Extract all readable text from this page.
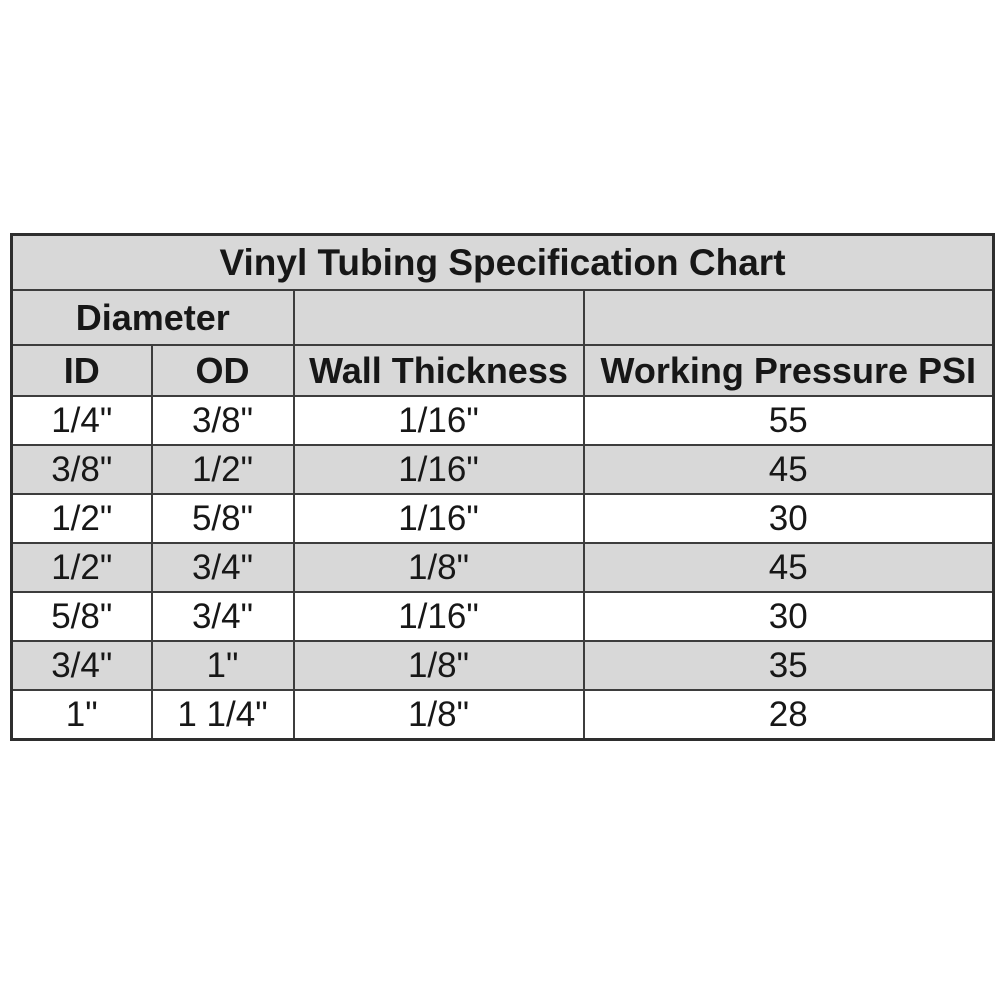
Vinyl Tubing Specification Chart			
Diameter			
ID	OD	Wall Thickness	Working Pressure PSI
1/4"	3/8"	1/16"	55
3/8"	1/2"	1/16"	45
1/2"	5/8"	1/16"	30
1/2"	3/4"	1/8"	45
5/8"	3/4"	1/16"	30
3/4"	1"	1/8"	35
1"	1 1/4"	1/8"	28
